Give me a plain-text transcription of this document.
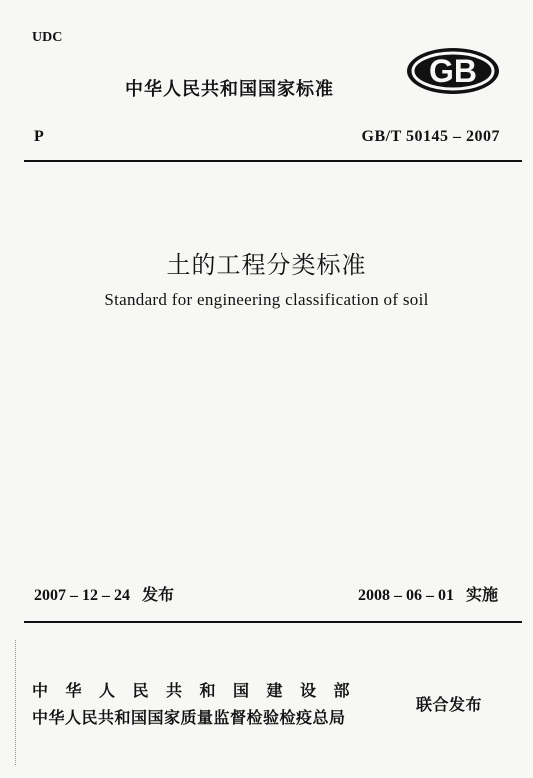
UDC
中华人民共和国国家标准
GB
P	GB/T 50145 – 2007
土的工程分类标准
Standard for engineering classification of soil
2007 – 12 – 24 发布	2008 – 06 – 01 实施
中华人民共和国建设部
中华人民共和国国家质量监督检验检疫总局
联合发布
